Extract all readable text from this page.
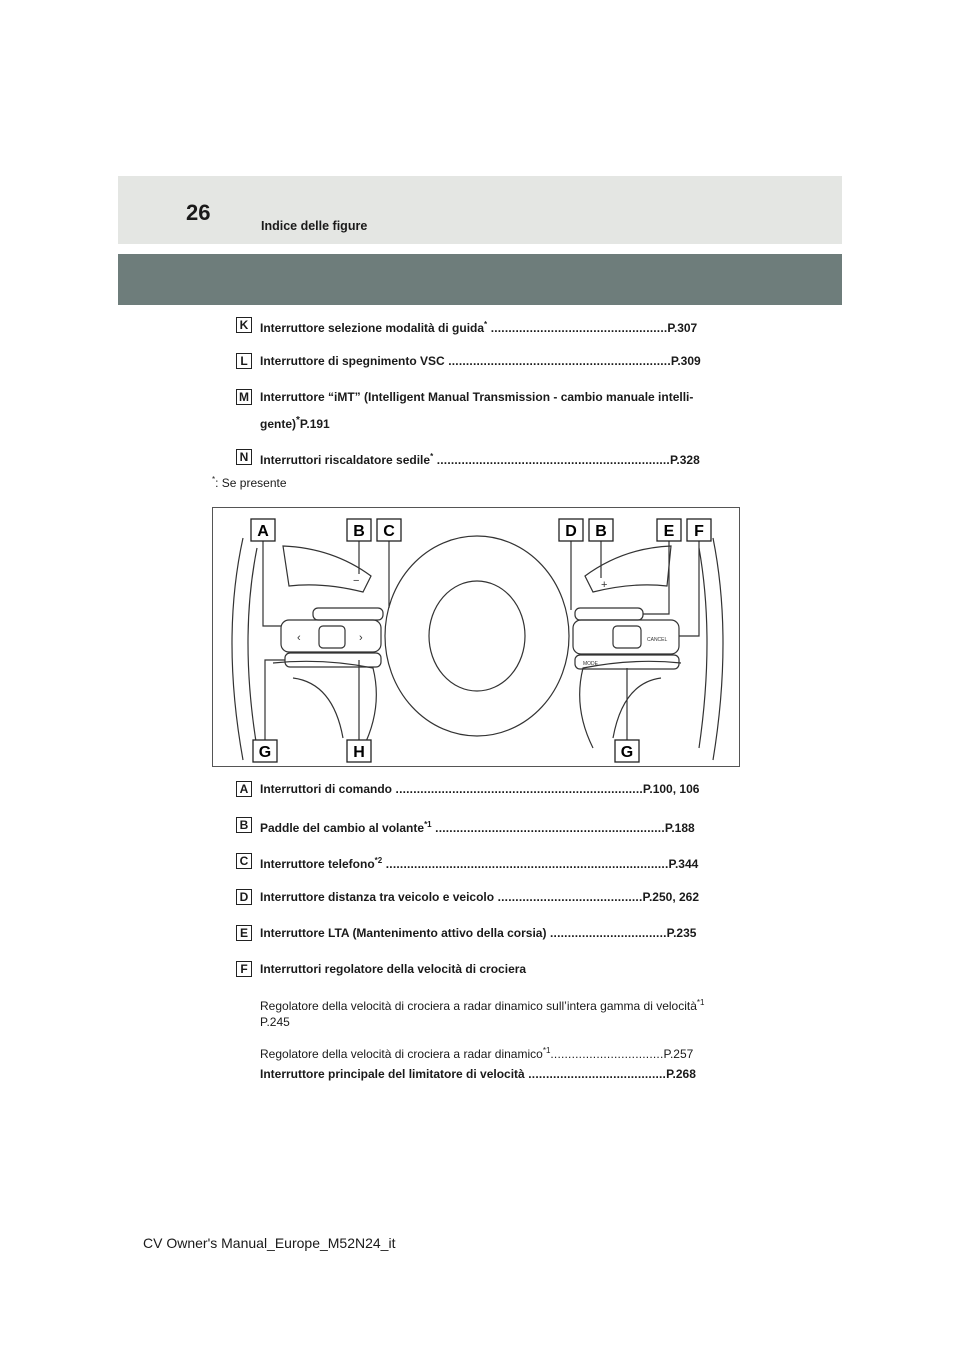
26
Indice delle figure
K Interruttore selezione modalità di guida* ..................................................P.307
L	Interruttore di spegnimento VSC ...............................................................P.309
M Interruttore “iMT” (Intelligent Manual Transmission - cambio manuale intelli-
gente)*P.191
N Interruttori riscaldatore sedile* ..................................................................P.328
*: Se presente
−	+
‹	›	CANCEL
MODE
A	B C	D B	E F
G	H	G
A Interruttori di comando ......................................................................P.100, 106
B Paddle del cambio al volante$^{*1}$ .................................................................P.188
C Interruttore telefono$^{*2}$ ................................................................................P.344
D Interruttore distanza tra veicolo e veicolo .........................................P.250, 262
E	Interruttore LTA (Mantenimento attivo della corsia) .................................P.235
F	Interruttori regolatore della velocità di crociera
Regolatore della velocità di crociera a radar dinamico sull’intera gamma di velocità$^{*1}$
P.245
Regolatore della velocità di crociera a radar dinamico$^{*1}$................................P.257
Interruttore principale del limitatore di velocità .......................................P.268
CV Owner's Manual_Europe_M52N24_it
